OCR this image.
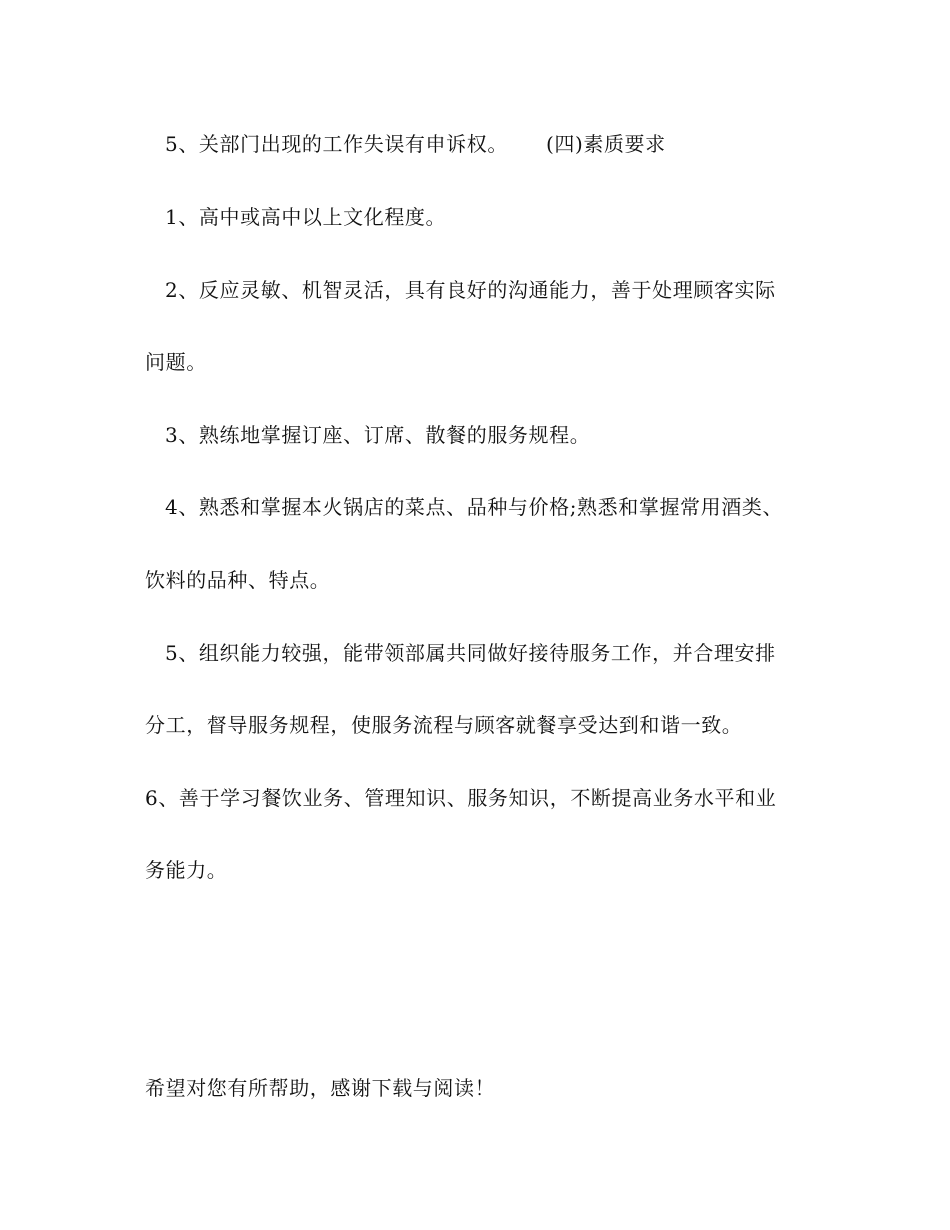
5、关部门出现的工作失误有申诉权。 (四)素质要求
1、高中或高中以上文化程度。
2、反应灵敏、机智灵活，具有良好的沟通能力，善于处理顾客实际
问题。
3、熟练地掌握订座、订席、散餐的服务规程。
4、熟悉和掌握本火锅店的菜点、品种与价格;熟悉和掌握常用酒类、
饮料的品种、特点。
5、组织能力较强，能带领部属共同做好接待服务工作，并合理安排
分工，督导服务规程，使服务流程与顾客就餐享受达到和谐一致。
6、善于学习餐饮业务、管理知识、服务知识，不断提高业务水平和业
务能力。
希望对您有所帮助，感谢下载与阅读！
